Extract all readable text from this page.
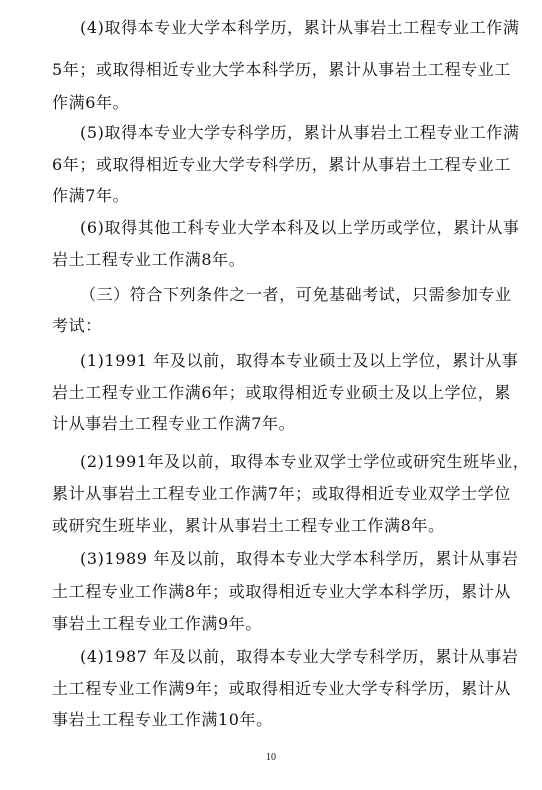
(4)取得本专业大学本科学历，累计从事岩土工程专业工作满
5年；或取得相近专业大学本科学历，累计从事岩土工程专业工
作满6年。
(5)取得本专业大学专科学历，累计从事岩土工程专业工作满
6年；或取得相近专业大学专科学历，累计从事岩土工程专业工
作满7年。
(6)取得其他工科专业大学本科及以上学历或学位，累计从事
岩土工程专业工作满8年。
（三）符合下列条件之一者，可免基础考试，只需参加专业
考试：
(1)1991 年及以前，取得本专业硕士及以上学位，累计从事
岩土工程专业工作满6年；或取得相近专业硕士及以上学位，累
计从事岩土工程专业工作满7年。
(2)1991年及以前，取得本专业双学士学位或研究生班毕业，
累计从事岩土工程专业工作满7年；或取得相近专业双学士学位
或研究生班毕业，累计从事岩土工程专业工作满8年。
(3)1989 年及以前，取得本专业大学本科学历，累计从事岩
土工程专业工作满8年；或取得相近专业大学本科学历，累计从
事岩土工程专业工作满9年。
(4)1987 年及以前，取得本专业大学专科学历，累计从事岩
土工程专业工作满9年；或取得相近专业大学专科学历，累计从
事岩土工程专业工作满10年。
10
